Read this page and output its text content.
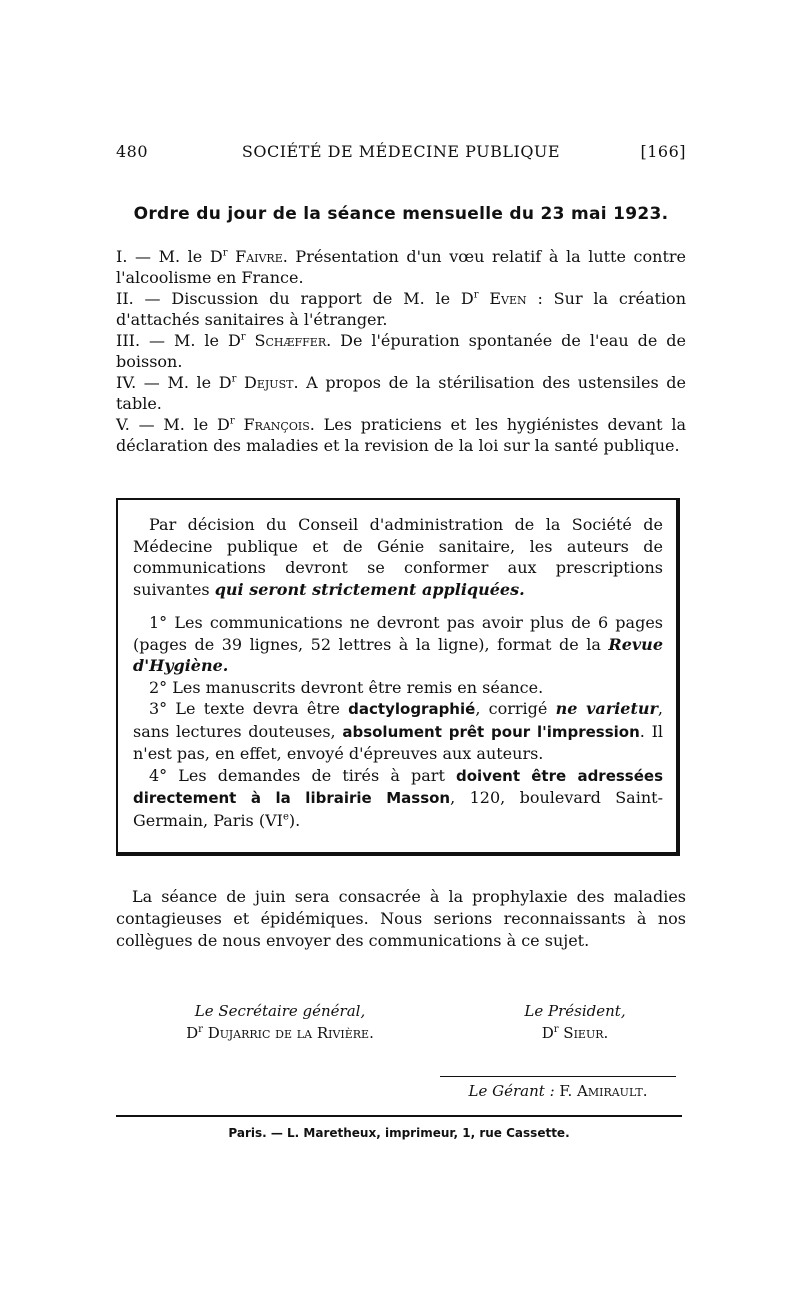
480	SOCIÉTÉ DE MÉDECINE PUBLIQUE	[166]
Ordre du jour de la séance mensuelle du 23 mai 1923.

I. — M. le $D^r$ Faivre. Présentation d'un vœu relatif à la lutte contre l'alcoolisme en France.

II. — Discussion du rapport de M. le $D^r$ Even : Sur la création d'attachés sanitaires à l'étranger.

III. — M. le $D^r$ Schæffer. De l'épuration spontanée de l'eau de de boisson.

IV. — M. le $D^r$ Dejust. A propos de la stérilisation des ustensiles de table.

V. — M. le $D^r$ François. Les praticiens et les hygiénistes devant la déclaration des maladies et la revision de la loi sur la santé publique.

Par décision du Conseil d'administration de la Société de Médecine publique et de Génie sanitaire, les auteurs de communications devront se conformer aux prescriptions suivantes qui seront strictement appliquées.

1° Les communications ne devront pas avoir plus de 6 pages (pages de 39 lignes, 52 lettres à la ligne), format de la Revue d'Hygiène.

2° Les manuscrits devront être remis en séance.

3° Le texte devra être dactylographié, corrigé ne varietur, sans lectures douteuses, absolument prêt pour l'impression. Il n'est pas, en effet, envoyé d'épreuves aux auteurs.

4° Les demandes de tirés à part doivent être adressées directement à la librairie Masson, 120, boulevard Saint-Germain, Paris (VIe).

La séance de juin sera consacrée à la prophylaxie des maladies contagieuses et épidémiques. Nous serions reconnaissants à nos collègues de nous envoyer des communications à ce sujet.

Le Secrétaire général,
$D^r$ Dujarric de la Rivière.
Le Président,
$D^r$ Sieur.
Le Gérant : F. Amirault.
Paris. — L. Maretheux, imprimeur, 1, rue Cassette.
